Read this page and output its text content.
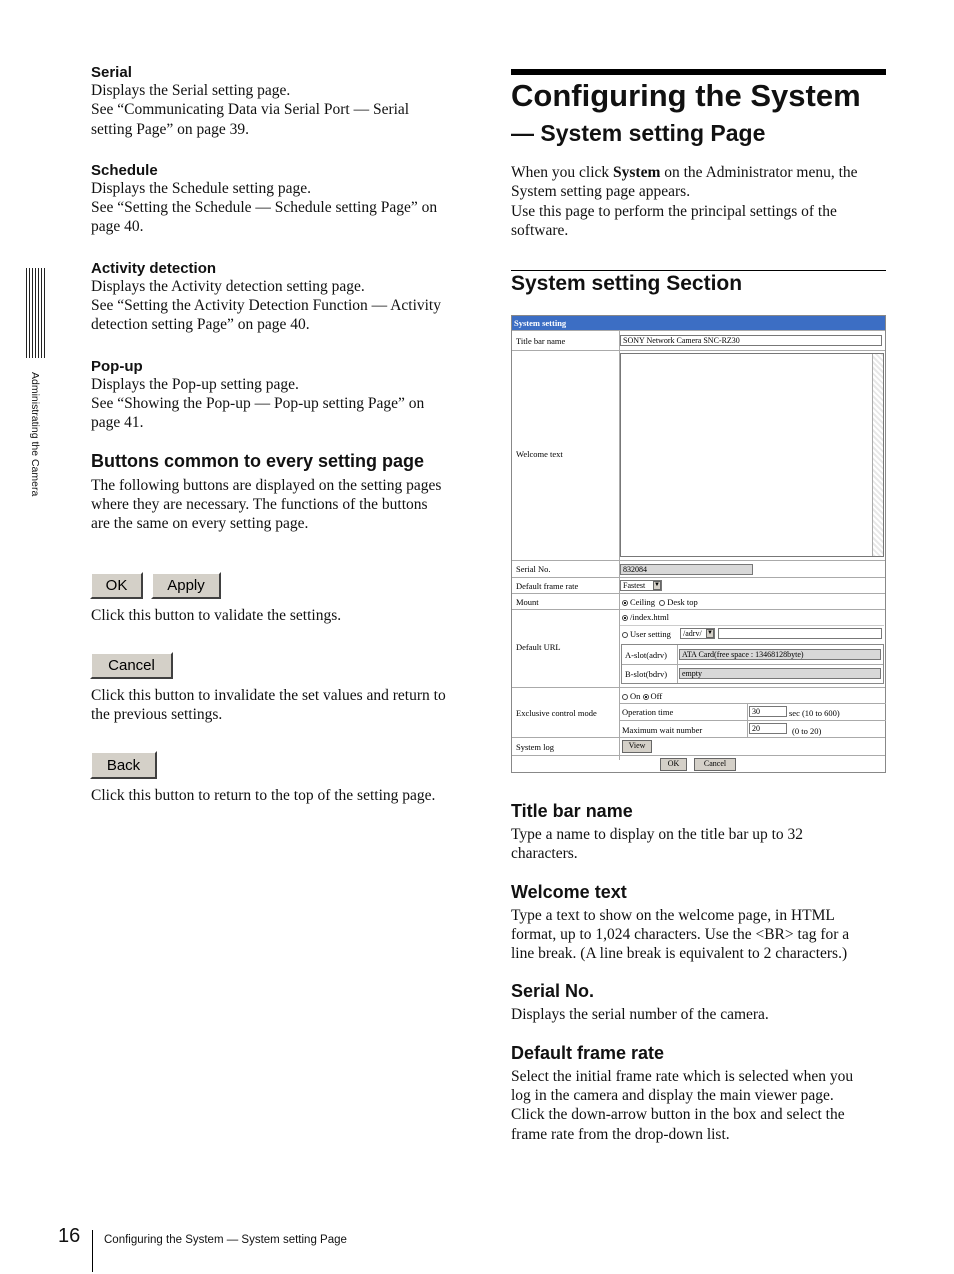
Administrating the Camera

Serial

Displays the Serial setting page.
See “Communicating Data via Serial Port — Serial
setting Page” on page 39.

Schedule

Displays the Schedule setting page.
See “Setting the Schedule — Schedule setting Page” on
page 40.

Activity detection

Displays the Activity detection setting page.
See “Setting the Activity Detection Function — Activity
detection setting Page” on page 40.

Pop-up

Displays the Pop-up setting page.
See “Showing the Pop-up — Pop-up setting Page” on
page 41.

Buttons common to every setting page

The following buttons are displayed on the setting pages
where they are necessary. The functions of the buttons
are the same on every setting page.

OK	Apply

Click this button to validate the settings.

Cancel

Click this button to invalidate the set values and return to
the previous settings.

Back

Click this button to return to the top of the setting page.

Configuring the System
— System setting Page

When you click System on the Administrator menu, the
System setting page appears.
Use this page to perform the principal settings of the
software.

System setting Section
System setting
Title bar name	SONY Network Camera SNC-RZ30
Welcome text
Serial No.	832084
Default frame rate	Fastest ▼
Mount	Ceiling Desk top
Default URL
/index.html
User setting	/adrv/ ▼
A-slot(adrv)	ATA Card(free space : 13468128byte)
B-slot(bdrv)	empty
Exclusive control mode
On Off
Operation time	30	sec (10 to 600)
Maximum wait number	20	(0 to 20)
System log	View
OK	Cancel

Title bar name

Type a name to display on the title bar up to 32
characters.

Welcome text

Type a text to show on the welcome page, in HTML
format, up to 1,024 characters. Use the <BR> tag for a
line break. (A line break is equivalent to 2 characters.)

Serial No.

Displays the serial number of the camera.

Default frame rate

Select the initial frame rate which is selected when you
log in the camera and display the main viewer page.
Click the down-arrow button in the box and select the
frame rate from the drop-down list.

16 Configuring the System — System setting Page
